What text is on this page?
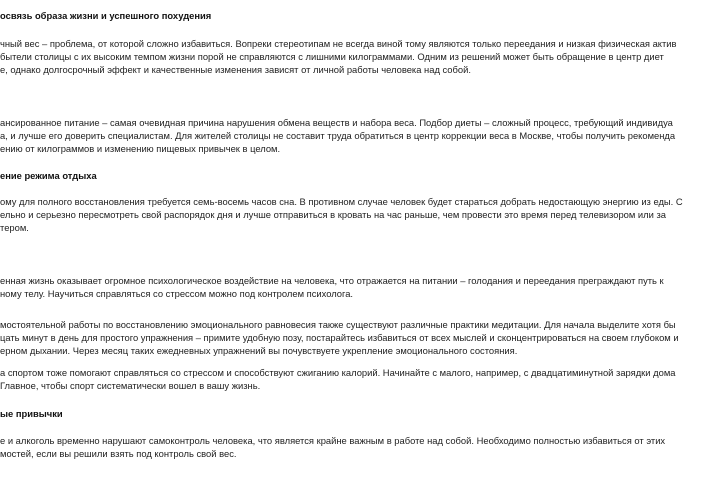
освязь образа жизни и успешного похудения
чный вес – проблема, от которой сложно избавиться. Вопреки стереотипам не всегда виной тому являются только переедания и низкая физическая актив
бытели столицы с их высоким темпом жизни порой не справляются с лишними килограммами. Одним из решений может быть обращение в центр диет
е, однако долгосрочный эффект и качественные изменения зависят от личной работы человека над собой.
ансированное питание – самая очевидная причина нарушения обмена веществ и набора веса. Подбор диеты – сложный процесс, требующий индивидуа
а, и лучше его доверить специалистам. Для жителей столицы не составит труда обратиться в центр коррекции веса в Москве, чтобы получить рекоменда
ению от килограммов и изменению пищевых привычек в целом.
ение режима отдыха
ому для полного восстановления требуется семь-восемь часов сна. В противном случае человек будет стараться добрать недостающую энергию из еды. С
ельно и серьезно пересмотреть свой распорядок дня и лучше отправиться в кровать на час раньше, чем провести это время перед телевизором или за
тером.
енная жизнь оказывает огромное психологическое воздействие на человека, что отражается на питании – голодания и переедания преграждают путь к
ному телу. Научиться справляться со стрессом можно под контролем психолога.
мостоятельной работы по восстановлению эмоционального равновесия также существуют различные практики медитации. Для начала выделите хотя бы
цать минут в день для простого упражнения – примите удобную позу, постарайтесь избавиться от всех мыслей и сконцентрироваться на своем глубоком и
ерном дыхании. Через месяц таких ежедневных упражнений вы почувствуете укрепление эмоционального состояния.
а спортом тоже помогают справляться со стрессом и способствуют сжиганию калорий. Начинайте с малого, например, с двадцатиминутной зарядки дома
Главное, чтобы спорт систематически вошел в вашу жизнь.
ые привычки
е и алкоголь временно нарушают самоконтроль человека, что является крайне важным в работе над собой. Необходимо полностью избавиться от этих
мостей, если вы решили взять под контроль свой вес.
